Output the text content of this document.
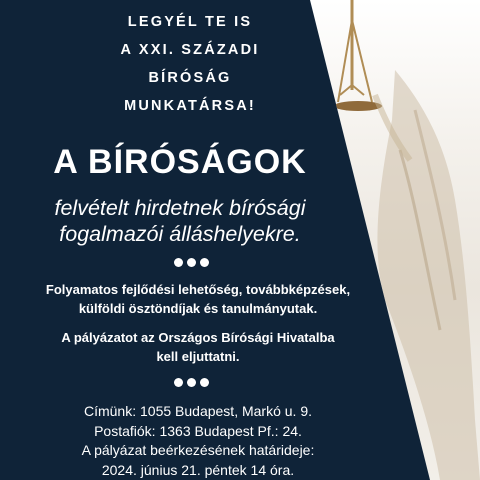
LEGYÉL TE IS
A XXI. SZÁZADI
BÍRÓSÁG
MUNKATÁRSA!
A BÍRÓSÁGOK
felvételt hirdetnek bírósági
fogalmazói álláshelyekre.
Folyamatos fejlődési lehetőség, továbbképzések,
külföldi ösztöndíjak és tanulmányutak.
A pályázatot az Országos Bírósági Hivatalba
kell eljuttatni.
Címünk: 1055 Budapest, Markó u. 9.
Postafiók: 1363 Budapest Pf.: 24.
A pályázat beérkezésének határideje:
2024. június 21. péntek 14 óra.
